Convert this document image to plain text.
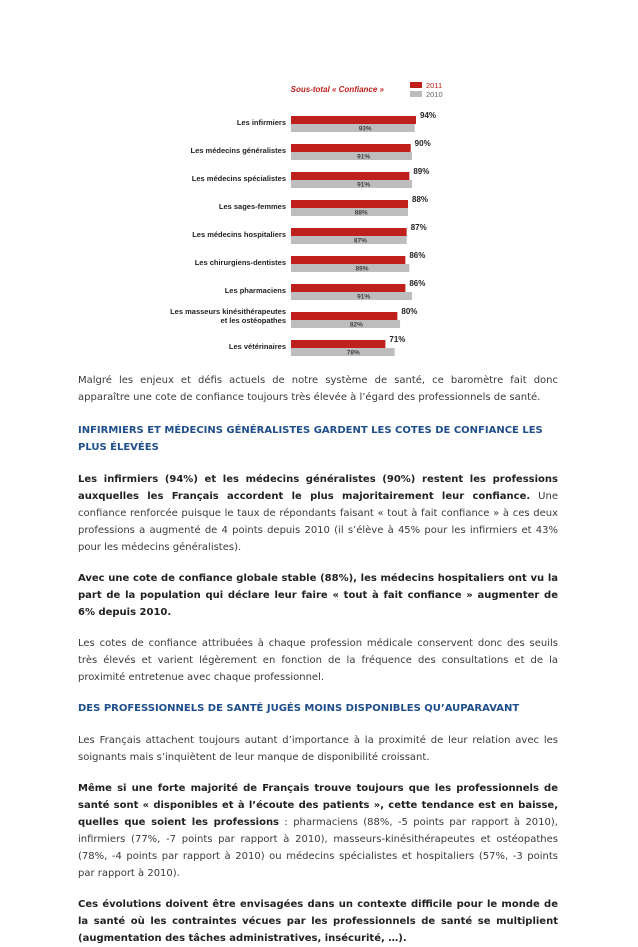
Sous-total « Confiance »	2011
2010
Les infirmiers
94%
93%
Les médecins généralistes
90%
91%
Les médecins spécialistes
89%
91%
Les sages-femmes
88%
88%
Les médecins hospitaliers
87%
87%
Les chirurgiens-dentistes
86%
89%
Les pharmaciens
86%
91%
Les masseurs kinésithérapeutes
et les ostéopathes
80%
82%
Les vétérinaires
71%
78%

Malgré les enjeux et défis actuels de notre système de santé, ce baromètre fait donc apparaître une cote de confiance toujours très élevée à l’égard des professionnels de santé.

INFIRMIERS ET MÉDECINS GÉNÉRALISTES GARDENT LES COTES DE CONFIANCE LES PLUS ÉLEVÉES

Les infirmiers (94%) et les médecins généralistes (90%) restent les professions auxquelles les Français accordent le plus majoritairement leur confiance. Une confiance renforcée puisque le taux de répondants faisant « tout à fait confiance » à ces deux professions a augmenté de 4 points depuis 2010 (il s’élève à 45% pour les infirmiers et 43% pour les médecins généralistes).

Avec une cote de confiance globale stable (88%), les médecins hospitaliers ont vu la part de la population qui déclare leur faire « tout à fait confiance » augmenter de 6% depuis 2010.

Les cotes de confiance attribuées à chaque profession médicale conservent donc des seuils très élevés et varient légèrement en fonction de la fréquence des consultations et de la proximité entretenue avec chaque professionnel.

DES PROFESSIONNELS DE SANTÉ JUGÉS MOINS DISPONIBLES QU’AUPARAVANT

Les Français attachent toujours autant d’importance à la proximité de leur relation avec les soignants mais s’inquiètent de leur manque de disponibilité croissant.

Même si une forte majorité de Français trouve toujours que les professionnels de santé sont « disponibles et à l’écoute des patients », cette tendance est en baisse, quelles que soient les professions : pharmaciens (88%, -5 points par rapport à 2010), infirmiers (77%, -7 points par rapport à 2010), masseurs-kinésithérapeutes et ostéopathes (78%, -4 points par rapport à 2010) ou médecins spécialistes et hospitaliers (57%, -3 points par rapport à 2010).

Ces évolutions doivent être envisagées dans un contexte difficile pour le monde de la santé où les contraintes vécues par les professionnels de santé se multiplient (augmentation des tâches administratives, insécurité, …).
